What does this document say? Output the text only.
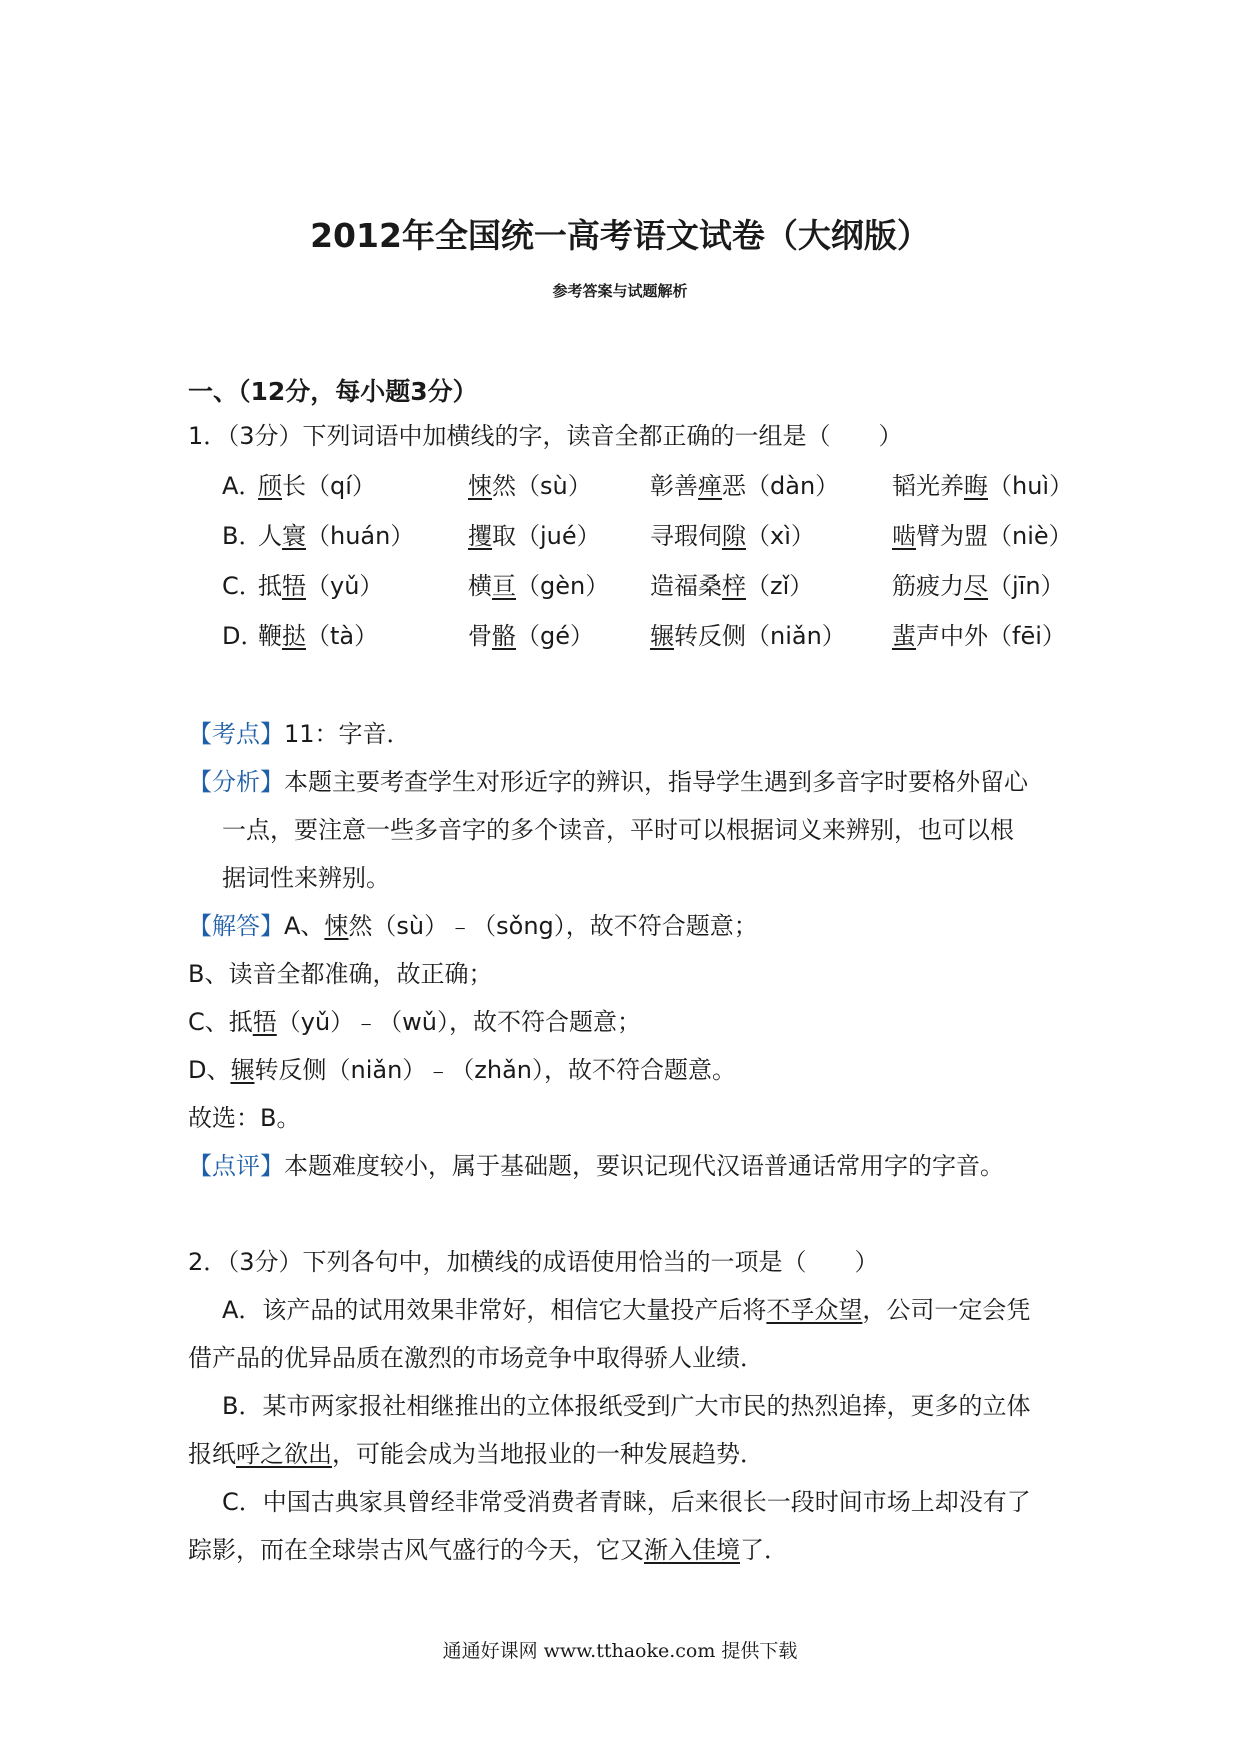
2012年全国统一高考语文试卷（大纲版）
参考答案与试题解析
一、（12分，每小题3分）
1．（3分）下列词语中加横线的字，读音全都正确的一组是（　　）
A．
颀长（qí）	悚然（sù） 彰善瘅恶（dàn） 韬光养晦（huì）
B．
人寰（huán） 攫取（jué） 寻瑕伺隙（xì）	啮臂为盟（niè）
C．
抵牾（yǔ）	横亘（gèn） 造福桑梓（zǐ）	筋疲力尽（jīn）
D．
鞭挞（tà）	骨骼（gé） 辗转反侧（niǎn） 蜚声中外（fēi）
【考点】11：字音．
【分析】本题主要考查学生对形近字的辨识，指导学生遇到多音字时要格外留心
一点，要注意一些多音字的多个读音，平时可以根据词义来辨别，也可以根
据词性来辨别。
【解答】A、悚然（sù）﹣（sǒng），故不符合题意；
B、读音全都准确，故正确；
C、抵牾（yǔ）﹣（wǔ），故不符合题意；
D、辗转反侧（niǎn）﹣（zhǎn），故不符合题意。
故选：B。
【点评】本题难度较小，属于基础题，要识记现代汉语普通话常用字的字音。
2．（3分）下列各句中，加横线的成语使用恰当的一项是（　　）
A．该产品的试用效果非常好，相信它大量投产后将不孚众望，公司一定会凭
借产品的优异品质在激烈的市场竞争中取得骄人业绩．
B．某市两家报社相继推出的立体报纸受到广大市民的热烈追捧，更多的立体
报纸呼之欲出，可能会成为当地报业的一种发展趋势．
C．中国古典家具曾经非常受消费者青睐，后来很长一段时间市场上却没有了
踪影，而在全球崇古风气盛行的今天，它又渐入佳境了．
通通好课网 www.tthaoke.com 提供下载
